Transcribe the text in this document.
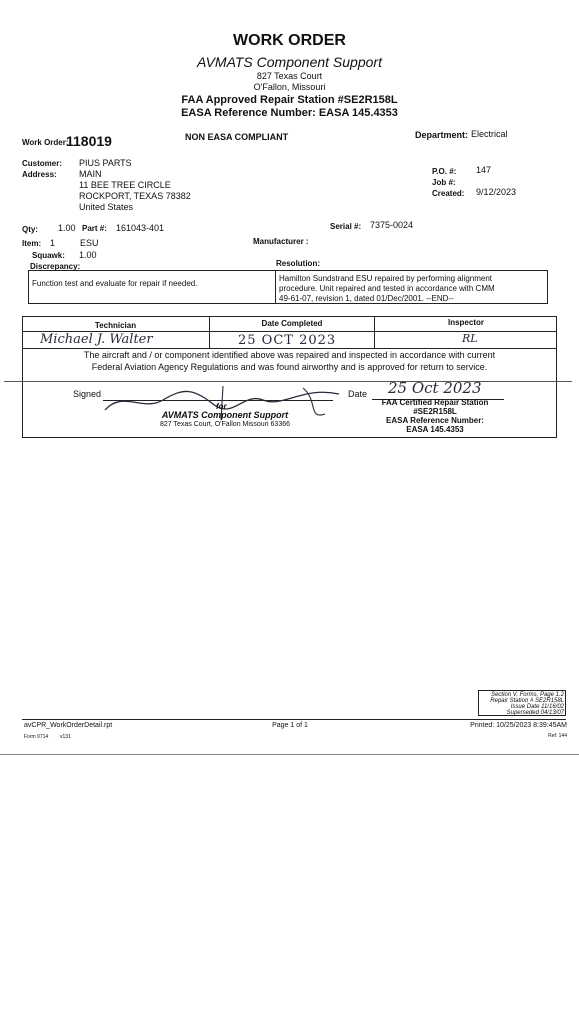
WORK ORDER
AVMATS Component Support
827 Texas Court
O'Fallon, Missouri
FAA Approved Repair Station #SE2R158L
EASA Reference Number: EASA 145.4353
Work Order:
118019	NON EASA COMPLIANT	Department: Electrical
Customer: PIUS PARTS
Address: MAIN
11 BEE TREE CIRCLE
ROCKPORT, TEXAS 78382
United States
P.O. #: 147
Job #:
Created: 9/12/2023
Qty: 1.00 Part #: 161043-401	Serial #: 7375-0024
Item: 1	ESU	Manufacturer :
Squawk: 1.00
Discrepancy:	Resolution:
Function test and evaluate for repair if needed.
Hamilton Sundstrand ESU repaired by performing alignment
procedure. Unit repaired and tested in accordance with CMM
49-61-07, revision 1, dated 01/Dec/2001. --END--
Technician	Date Completed	Inspector
Michael J. Walter	25 OCT 2023	RL
The aircraft and / or component identified above was repaired and inspected in accordance with current
Federal Aviation Agency Regulations and was found airworthy and is approved for return to service.
Signed
for
Date 25 Oct 2023
AVMATS Component Support
827 Texas Court, O'Fallon Missouri 63366
FAA Certified Repair Station
#SE2R158L
EASA Reference Number:
EASA 145.4353
Section V, Forms, Page 1.2
Repair Station # SE2R158L
Issue Date 11/16/02
Superseded 04/13/07
avCPR_WorkOrderDetail.rpt
Form 9714 v131
Page 1 of 1	Printed: 10/25/2023 8:39:45AM
Ref: 144
